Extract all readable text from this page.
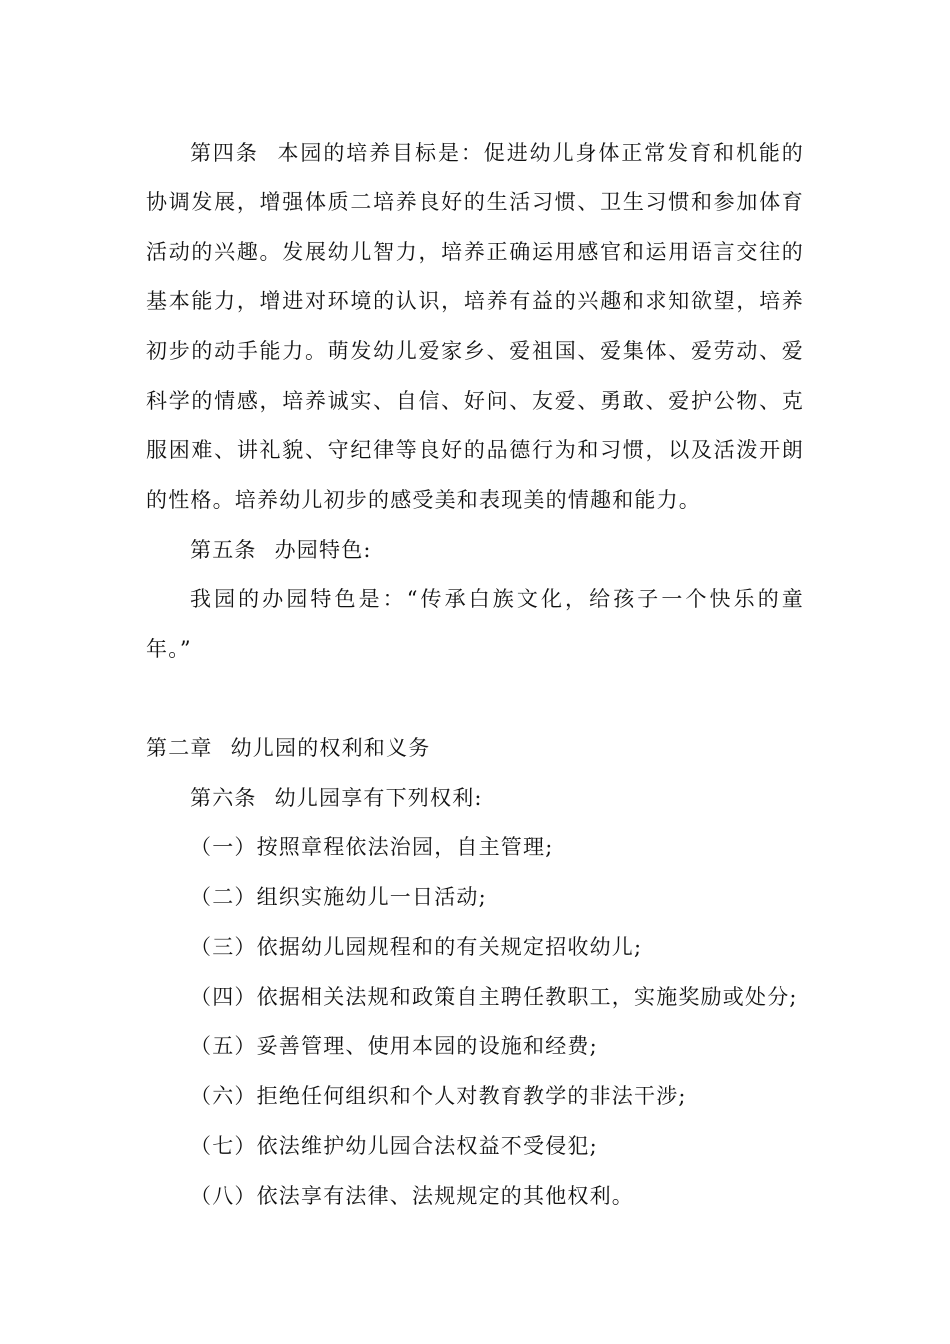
第四条 本园的培养目标是：促进幼儿身体正常发育和机能的
协调发展，增强体质二培养良好的生活习惯、卫生习惯和参加体育
活动的兴趣。发展幼儿智力，培养正确运用感官和运用语言交往的
基本能力，增进对环境的认识，培养有益的兴趣和求知欲望，培养
初步的动手能力。萌发幼儿爱家乡、爱祖国、爱集体、爱劳动、爱
科学的情感，培养诚实、自信、好问、友爱、勇敢、爱护公物、克
服困难、讲礼貌、守纪律等良好的品德行为和习惯，以及活泼开朗
的性格。培养幼儿初步的感受美和表现美的情趣和能力。
第五条 办园特色:
我园的办园特色是：“传承白族文化，给孩子一个快乐的童
年。”
第二章 幼儿园的权利和义务
第六条 幼儿园享有下列权利:
（一）按照章程依法治园，自主管理;
（二）组织实施幼儿一日活动;
（三）依据幼儿园规程和的有关规定招收幼儿;
（四）依据相关法规和政策自主聘任教职工，实施奖励或处分;
（五）妥善管理、使用本园的设施和经费;
（六）拒绝任何组织和个人对教育教学的非法干涉;
（七）依法维护幼儿园合法权益不受侵犯;
（八）依法享有法律、法规规定的其他权利。
